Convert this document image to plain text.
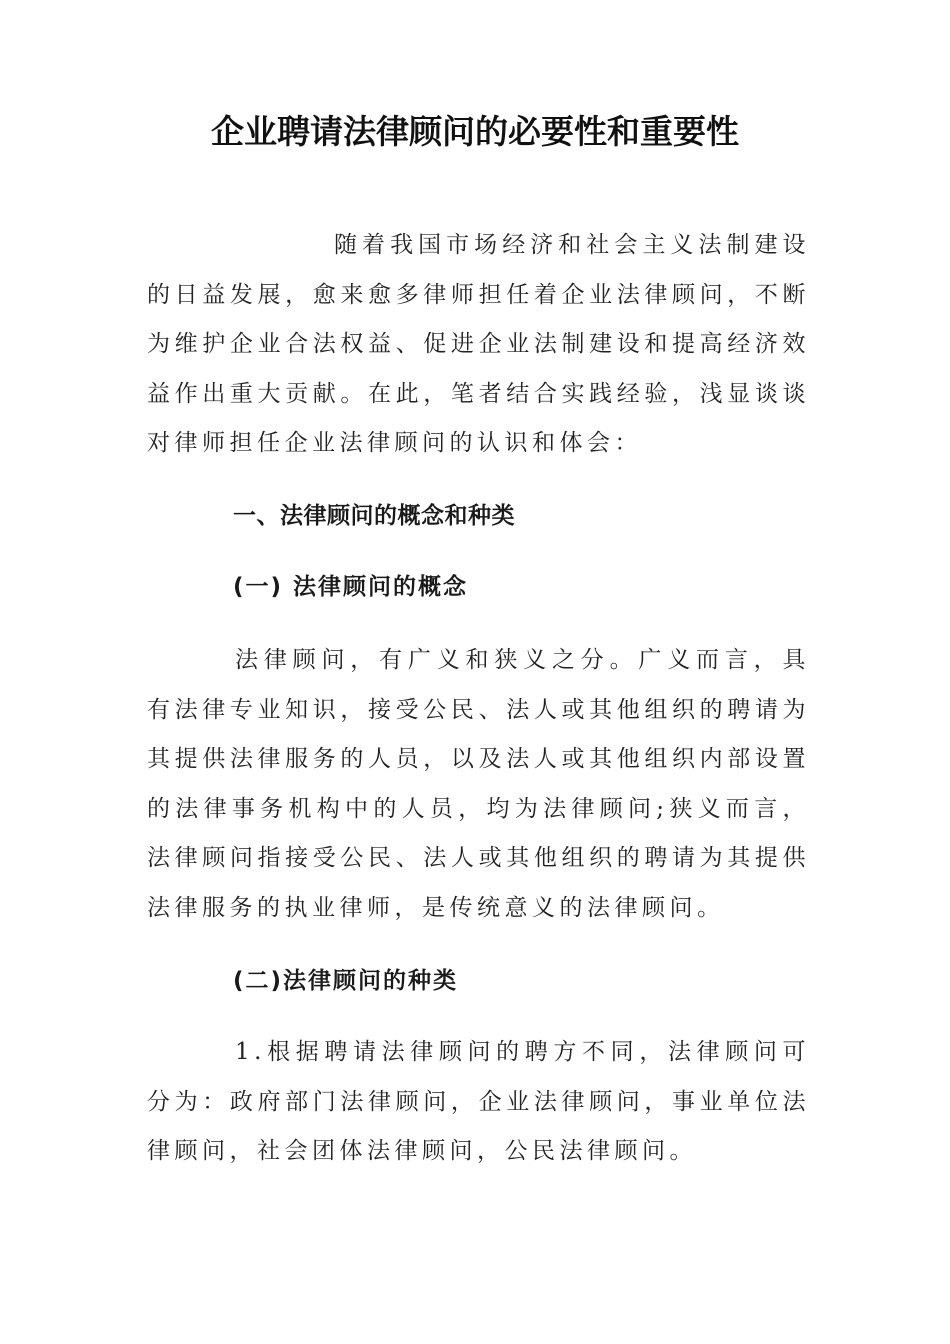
企业聘请法律顾问的必要性和重要性

随着我国市场经济和社会主义法制建设的日益发展，愈来愈多律师担任着企业法律顾问，不断为维护企业合法权益、促进企业法制建设和提高经济效益作出重大贡献。在此，笔者结合实践经验，浅显谈谈对律师担任企业法律顾问的认识和体会：

一、法律顾问的概念和种类
(一) 法律顾问的概念

法律顾问，有广义和狭义之分。广义而言，具有法律专业知识，接受公民、法人或其他组织的聘请为其提供法律服务的人员，以及法人或其他组织内部设置的法律事务机构中的人员，均为法律顾问;狭义而言，法律顾问指接受公民、法人或其他组织的聘请为其提供法律服务的执业律师，是传统意义的法律顾问。

(二)法律顾问的种类

1.根据聘请法律顾问的聘方不同，法律顾问可分为：政府部门法律顾问，企业法律顾问，事业单位法律顾问，社会团体法律顾问，公民法律顾问。
